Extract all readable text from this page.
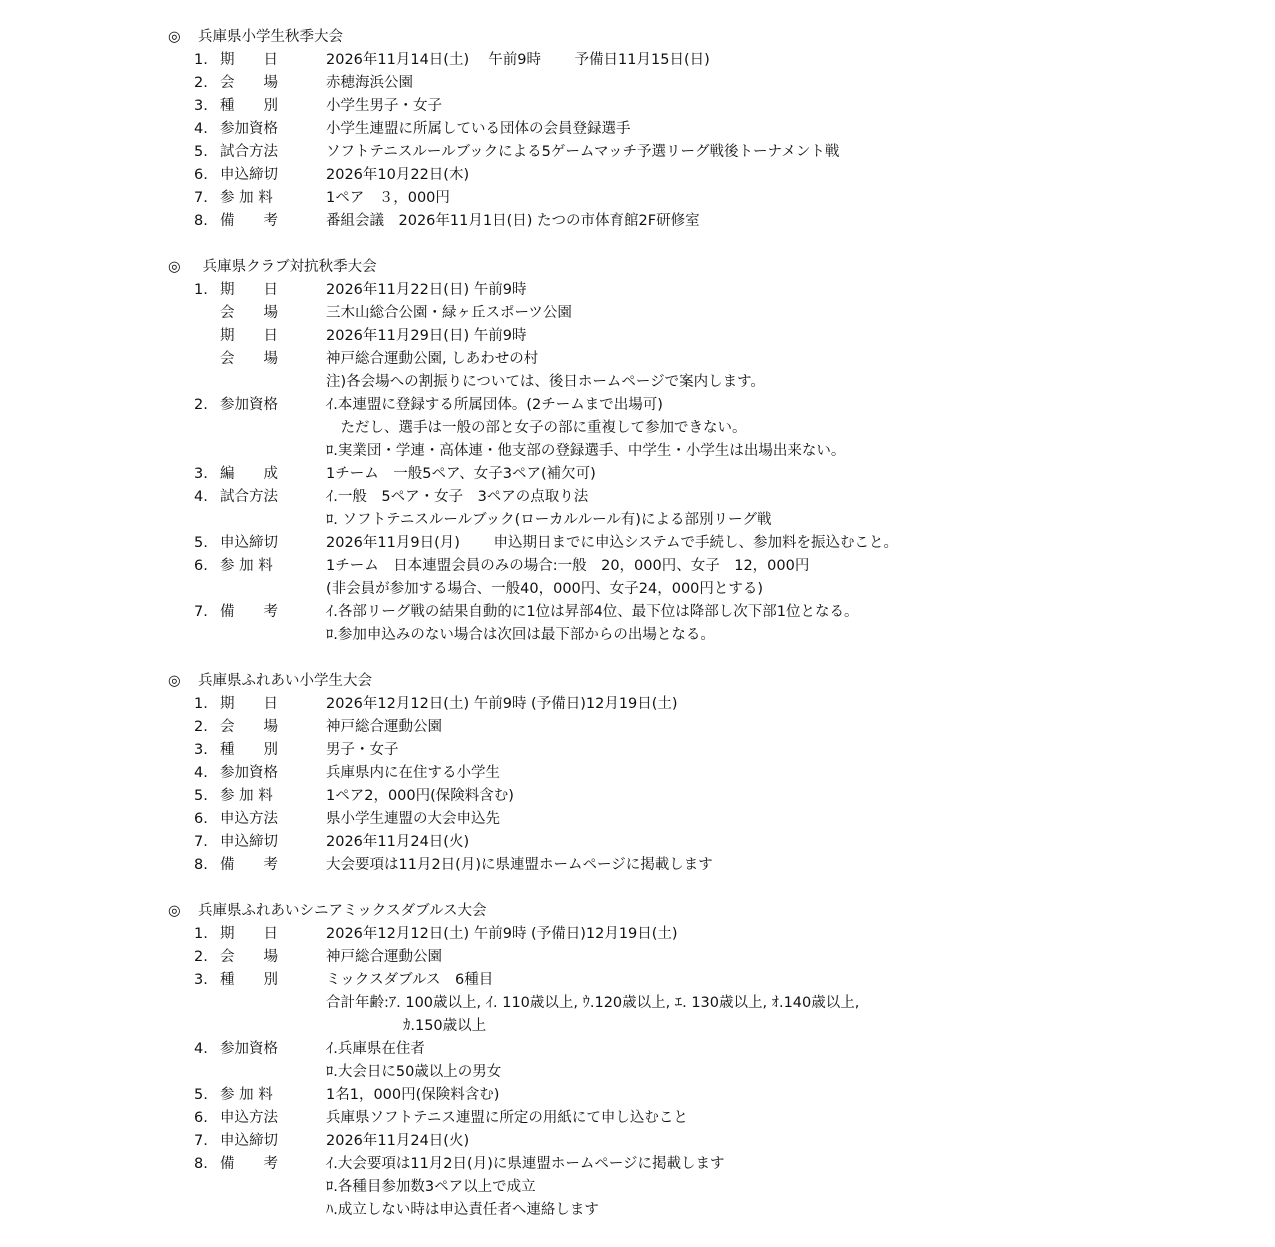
◎ 兵庫県小学生秋季大会
1. 期　　日	2026年11月14日(土)　 午前9時　　 予備日11月15日(日)
2. 会　　場	赤穂海浜公園
3. 種　　別	小学生男子・女子
4. 参加資格	小学生連盟に所属している団体の会員登録選手
5. 試合方法	ソフトテニスルールブックによる5ゲームマッチ予選リーグ戦後トーナメント戦
6. 申込締切	2026年10月22日(木)
7. 参 加 料	1ペア　３，000円
8. 備　　考	番組会議　2026年11月1日(日) たつの市体育館2F研修室
◎ 兵庫県クラブ対抗秋季大会
1. 期　　日	2026年11月22日(日) 午前9時
会　　場	三木山総合公園・緑ヶ丘スポーツ公園
期　　日	2026年11月29日(日) 午前9時
会　　場	神戸総合運動公園, しあわせの村
注)各会場への割振りについては、後日ホームページで案内します。
2. 参加資格	ｲ.本連盟に登録する所属団体。(2チームまで出場可)
　ただし、選手は一般の部と女子の部に重複して参加できない。
ﾛ.実業団・学連・高体連・他支部の登録選手、中学生・小学生は出場出来ない。
3. 編　　成	1チーム　一般5ペア、女子3ペア(補欠可)
4. 試合方法	ｲ.一般　5ペア・女子　3ペアの点取り法
ﾛ. ソフトテニスルールブック(ローカルルール有)による部別リーグ戦
5. 申込締切	2026年11月9日(月)　　 申込期日までに申込システムで手続し、参加料を振込むこと。
6. 参 加 料	1チーム　日本連盟会員のみの場合:一般　20，000円、女子　12，000円
(非会員が参加する場合、一般40，000円、女子24，000円とする)
7. 備　　考	ｲ.各部リーグ戦の結果自動的に1位は昇部4位、最下位は降部し次下部1位となる。
ﾛ.参加申込みのない場合は次回は最下部からの出場となる。
◎ 兵庫県ふれあい小学生大会
1. 期　　日	2026年12月12日(土) 午前9時 (予備日)12月19日(土)
2. 会　　場	神戸総合運動公園
3. 種　　別	男子・女子
4. 参加資格	兵庫県内に在住する小学生
5. 参 加 料	1ペア2，000円(保険料含む)
6. 申込方法	県小学生連盟の大会申込先
7. 申込締切	2026年11月24日(火)
8. 備　　考	大会要項は11月2日(月)に県連盟ホームページに掲載します
◎ 兵庫県ふれあいシニアミックスダブルス大会
1. 期　　日	2026年12月12日(土) 午前9時 (予備日)12月19日(土)
2. 会　　場	神戸総合運動公園
3. 種　　別	ミックスダブルス　6種目
合計年齢:ｱ. 100歳以上, ｲ. 110歳以上, ｳ.120歳以上, ｴ. 130歳以上, ｵ.140歳以上,
　　　　　 ｶ.150歳以上
4. 参加資格	ｲ.兵庫県在住者
ﾛ.大会日に50歳以上の男女
5. 参 加 料	1名1，000円(保険料含む)
6. 申込方法	兵庫県ソフトテニス連盟に所定の用紙にて申し込むこと
7. 申込締切	2026年11月24日(火)
8. 備　　考	ｲ.大会要項は11月2日(月)に県連盟ホームページに掲載します
ﾛ.各種目参加数3ペア以上で成立
ﾊ.成立しない時は申込責任者へ連絡します
